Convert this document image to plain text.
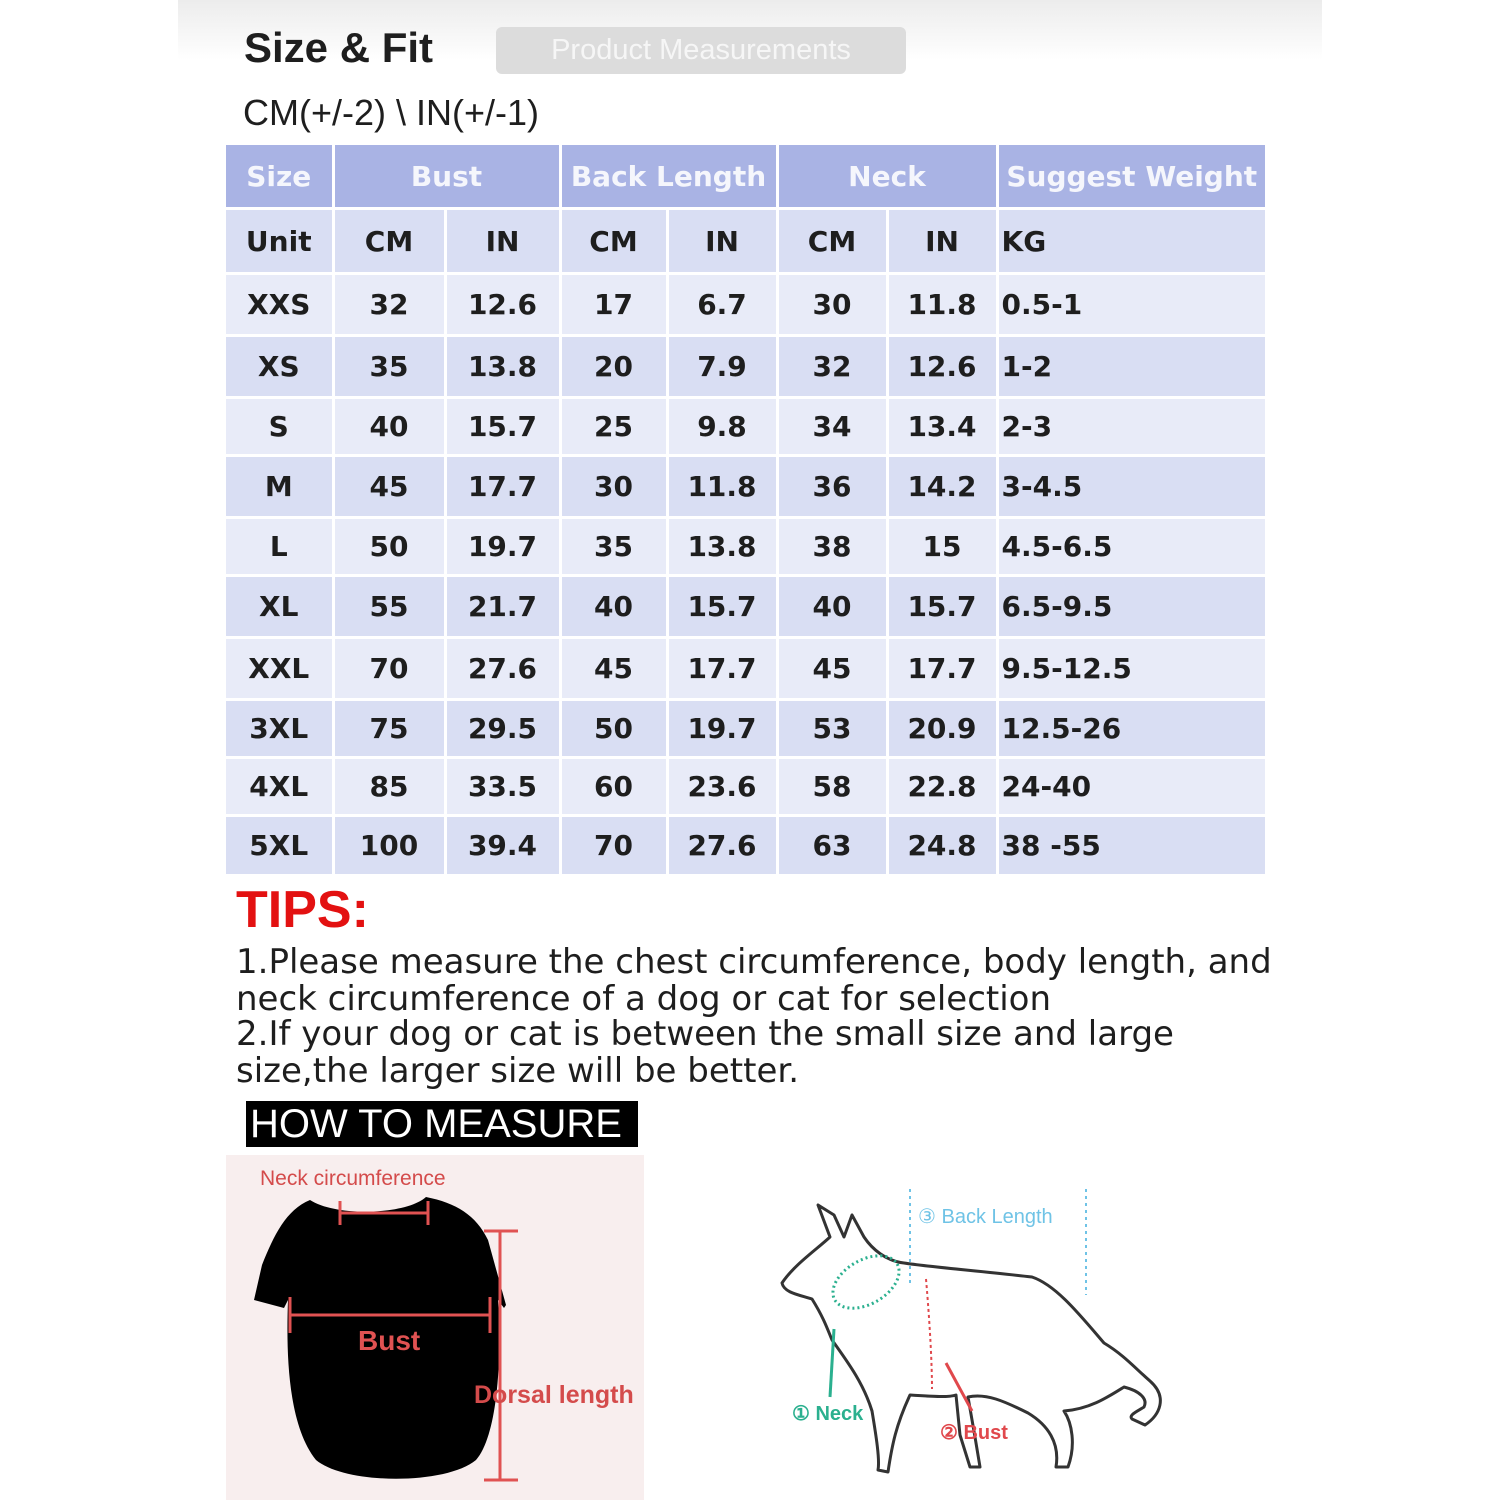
Size & Fit	Product Measurements
CM(+/-2) \ IN(+/-1)
Size	Bust		Back Length		Neck		Suggest Weight
Unit	CM	IN	CM	IN	CM	IN	KG
XXS	32	12.6	17	6.7	30	11.8	0.5-1
XS	35	13.8	20	7.9	32	12.6	1-2
S	40	15.7	25	9.8	34	13.4	2-3
M	45	17.7	30	11.8	36	14.2	3-4.5
L	50	19.7	35	13.8	38	15	4.5-6.5
XL	55	21.7	40	15.7	40	15.7	6.5-9.5
XXL	70	27.6	45	17.7	45	17.7	9.5-12.5
3XL	75	29.5	50	19.7	53	20.9	12.5-26
4XL	85	33.5	60	23.6	58	22.8	24-40
5XL	100	39.4	70	27.6	63	24.8	38 -55
TIPS:
1.Please measure the chest circumference, body length, and neck circumference of a dog or cat for selection
2.If your dog or cat is between the small size and large size,the larger size will be better.
HOW TO MEASURE
Neck circumference
Bust
Dorsal length
③ Back Length
① Neck
② Bust
